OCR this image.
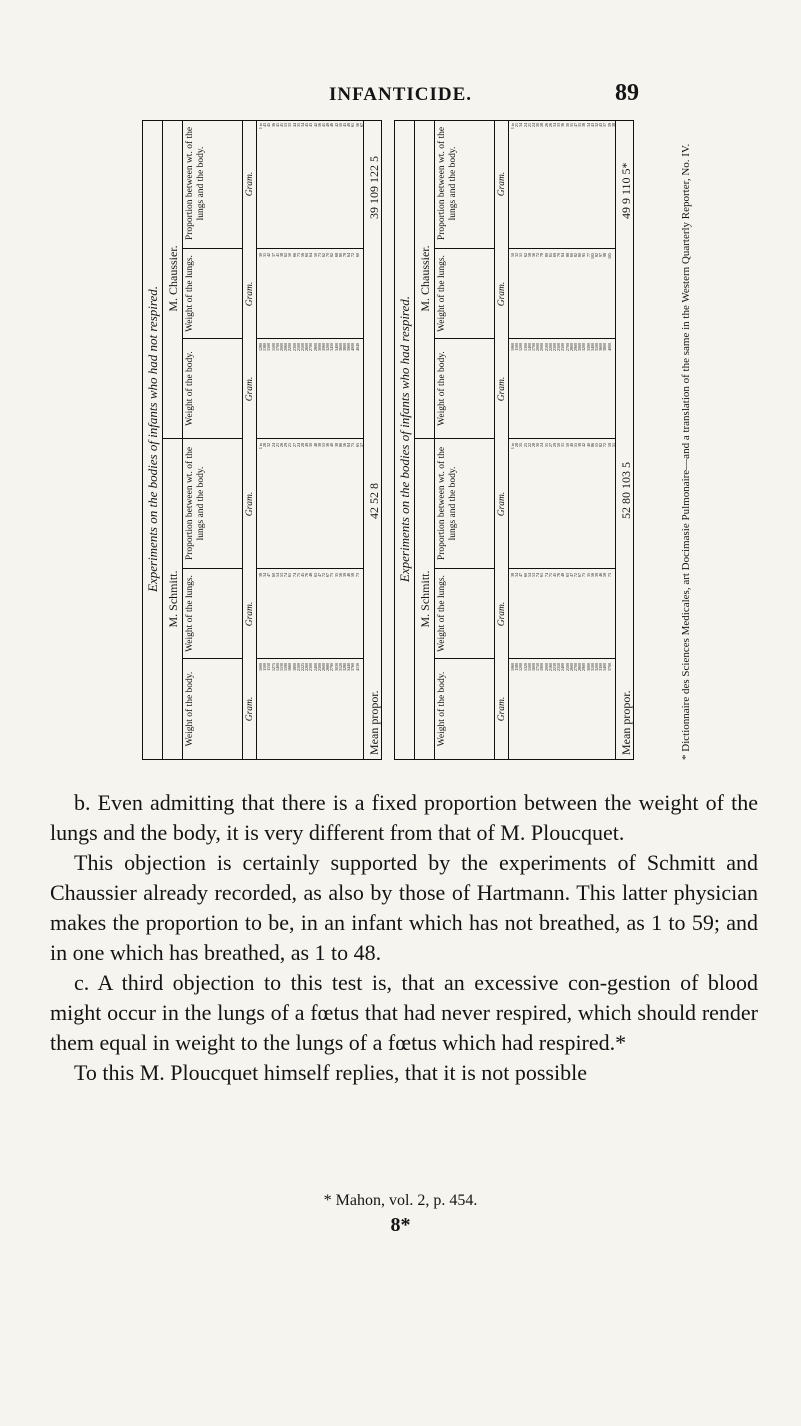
INFANTICIDE.	89
Experiments on the bodies of infants who had not respired.
M. Schmitt.
M. Chaussier.
Weight of the body.
Weight of the lungs.
Proportion between wt. of the lungs and the body.
Weight of the body.
Weight of the lungs.
Proportion between wt. of the lungs and the body.
Gram.
Gram.
Gram.
Gram.
Gram.
Gram.
1000
1100
1150
1275
1400
1530
1590
1660
1800
2100
2225
2260
2300
2400
2500
2600
2680
2790
3030
3120
3280
3440
3760
4130
38
34
47
60
54
53
74
61
74
75
45
76
48
63
47
72
67
73
35
56
39
46
58
73
1 to
28
32
24
21
26
29
21
27
24
28
49
30
48
38
53
36
40
38
86
56
84
75
65
57
1280
1380
1500
1500
1700
2000
2060
2200
2300
2500
2500
2600
2700
2800
3000
3060
3200
3450
3400
3600
3800
3900
4000
4040
30
31
42
37
41
38
62
50
66
73
56
60
64
50
73
62
70
82
68
80
78
64
72
60
1 to
43
45
36
41
41
53
33
44
35
34
45
43
42
56
41
49
46
42
50
45
49
61
56
67
Mean propor.
42 52 8
39 109 122 5
Experiments on the bodies of infants who had respired.
M. Schmitt.
M. Chaussier.
Weight of the body.
Weight of the lungs.
Proportion between wt. of the lungs and the body.
Weight of the body.
Weight of the lungs.
Proportion between wt. of the lungs and the body.
Gram.
Gram.
Gram.
Gram.
Gram.
Gram.
1060
1180
1200
1320
1500
1600
1750
1900
2000
2160
2230
2350
2400
2500
2600
2700
2800
2900
3000
3100
3200
3300
3400
3700
38
34
47
60
54
53
74
61
74
75
45
76
48
63
47
72
67
73
35
56
39
46
58
73
1 to
28
35
25
22
28
30
24
31
27
29
50
31
50
40
55
38
42
40
86
55
82
72
59
51
1060
1100
1200
1300
1400
1700
2000
2000
2100
2200
2300
2500
2500
2700
2800
2900
3000
3200
3300
3400
3500
3600
3800
4000
50
32
51
62
58
56
72
78
80
65
69
70
84
88
60
82
80
95
77
105
82
97
98
105
1 to
21
34
24
21
24
30
28
26
26
34
33
36
30
31
47
35
38
34
43
32
43
37
39
38
Mean propor.
52 80 103 5
49 9 110 5*	* Dictionnaire des Sciences Medicales, art Docimasie Pulmonaire—and a translation of the same in the Western Quarterly Reporter, No. IV.

b. Even admitting that there is a fixed proportion between the weight of the lungs and the body, it is very different from that of M. Ploucquet.

This objection is certainly supported by the experiments of Schmitt and Chaussier already recorded, as also by those of Hartmann. This latter physician makes the proportion to be, in an infant which has not breathed, as 1 to 59; and in one which has breathed, as 1 to 48.

c. A third objection to this test is, that an excessive con-gestion of blood might occur in the lungs of a fœtus that had never respired, which should render them equal in weight to the lungs of a fœtus which had respired.*

To this M. Ploucquet himself replies, that it is not possible

* Mahon, vol. 2, p. 454.
8*
